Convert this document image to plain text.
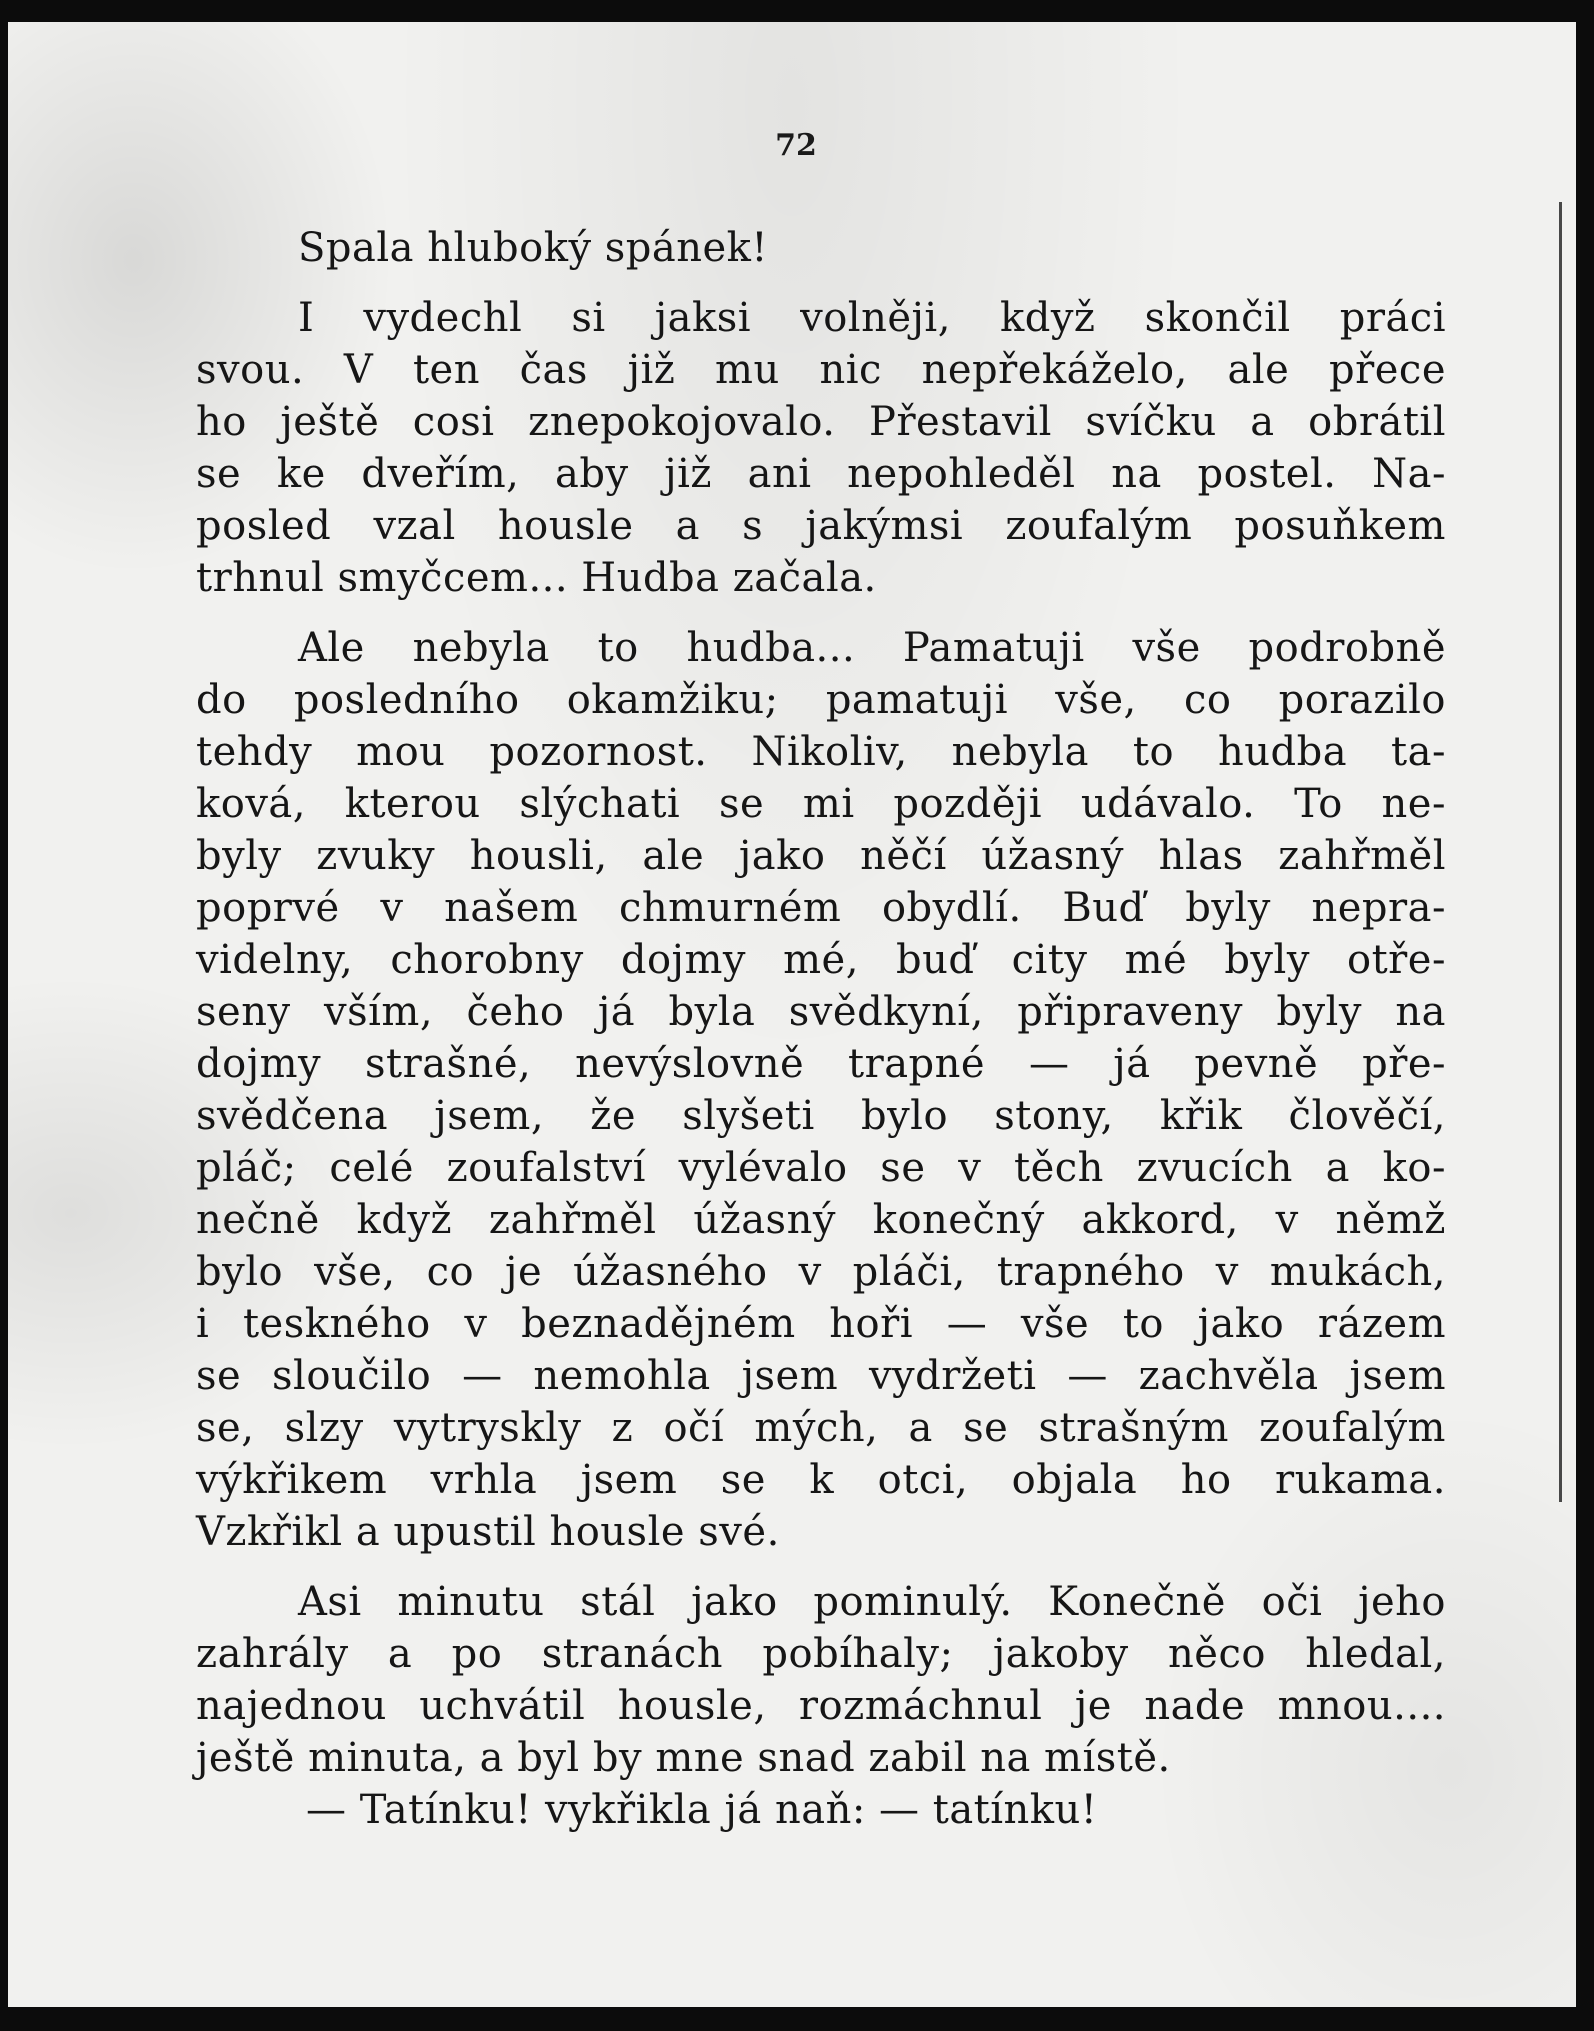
72
Spala hluboký spánek!
I vydechl si jaksi volněji, když skončil práci
svou. V ten čas již mu nic nepřekáželo, ale přece
ho ještě cosi znepokojovalo. Přestavil svíčku a obrátil
se ke dveřím, aby již ani nepohleděl na postel. Na-
posled vzal housle a s jakýmsi zoufalým posuňkem
trhnul smyčcem... Hudba začala.
Ale nebyla to hudba... Pamatuji vše podrobně
do posledního okamžiku; pamatuji vše, co porazilo
tehdy mou pozornost. Nikoliv, nebyla to hudba ta-
ková, kterou slýchati se mi později udávalo. To ne-
byly zvuky housli, ale jako něčí úžasný hlas zahřměl
poprvé v našem chmurném obydlí. Buď byly nepra-
videlny, chorobny dojmy mé, buď city mé byly otře-
seny vším, čeho já byla svědkyní, připraveny byly na
dojmy strašné, nevýslovně trapné — já pevně pře-
svědčena jsem, že slyšeti bylo stony, křik člověčí,
pláč; celé zoufalství vylévalo se v těch zvucích a ko-
nečně když zahřměl úžasný konečný akkord, v němž
bylo vše, co je úžasného v pláči, trapného v mukách,
i teskného v beznadějném hoři — vše to jako rázem
se sloučilo — nemohla jsem vydržeti — zachvěla jsem
se, slzy vytryskly z očí mých, a se strašným zoufalým
výkřikem vrhla jsem se k otci, objala ho rukama.
Vzkřikl a upustil housle své.
Asi minutu stál jako pominulý. Konečně oči jeho
zahrály a po stranách pobíhaly; jakoby něco hledal,
najednou uchvátil housle, rozmáchnul je nade mnou....
ještě minuta, a byl by mne snad zabil na místě.
— Tatínku! vykřikla já naň: — tatínku!
